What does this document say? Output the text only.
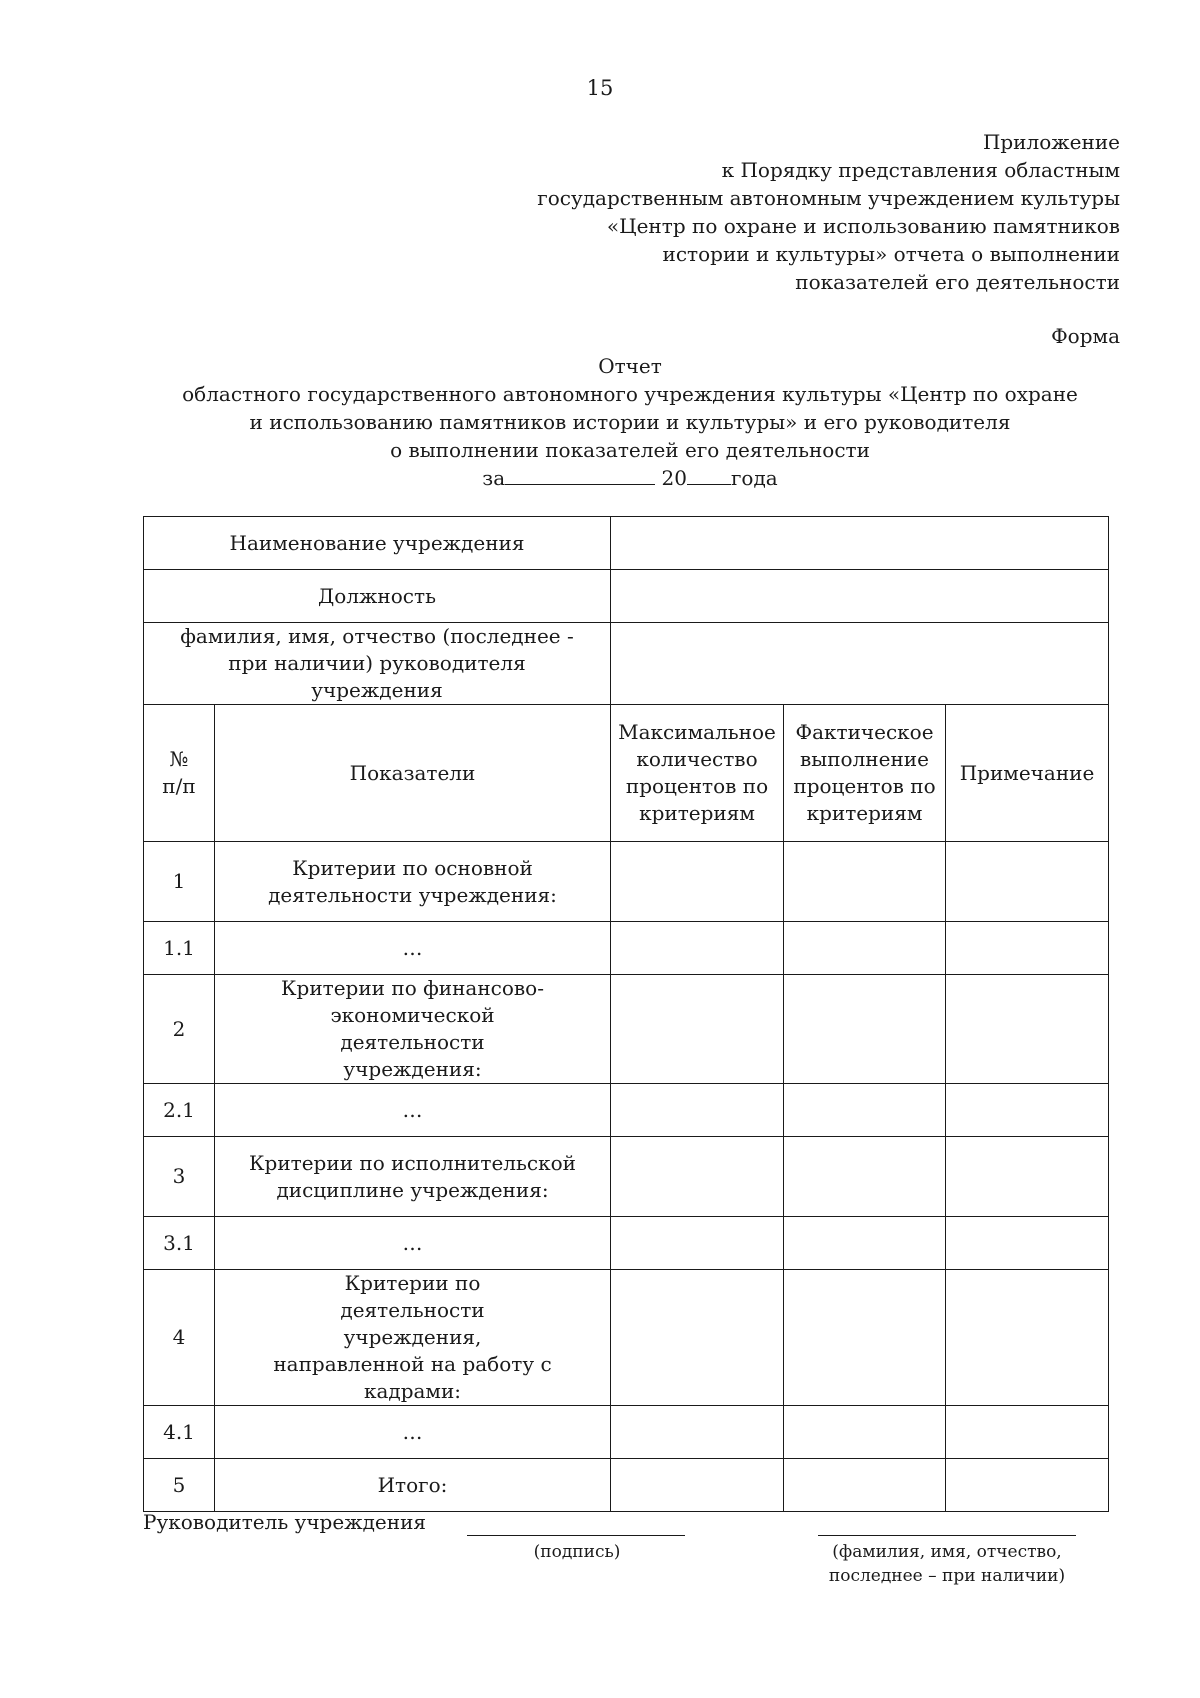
15
Приложение
к Порядку представления областным
государственным автономным учреждением культуры
«Центр по охране и использованию памятников
истории и культуры» отчета о выполнении
показателей его деятельности
Форма
Отчет
областного государственного автономного учреждения культуры «Центр по охране
и использованию памятников истории и культуры» и его руководителя
о выполнении показателей его деятельности
за	20 года
Наименование учреждения				
Должность				
фамилия, имя, отчество (последнее - при наличии) руководителя учреждения				
№ п/п	Показатели	Максимальное количество процентов по критериям	Фактическое выполнение процентов по критериям	Примечание
1	Критерии по основной деятельности учреждения:			
1.1	…			
2	Критерии по финансово-экономической деятельности учреждения:			
2.1	…			
3	Критерии по исполнительской дисциплине учреждения:			
3.1	…			
4	Критерии по деятельности учреждения, направленной на работу с кадрами:			
4.1	…			
5	Итого:			
Руководитель учреждения
(подпись)	(фамилия, имя, отчество,
последнее – при наличии)
